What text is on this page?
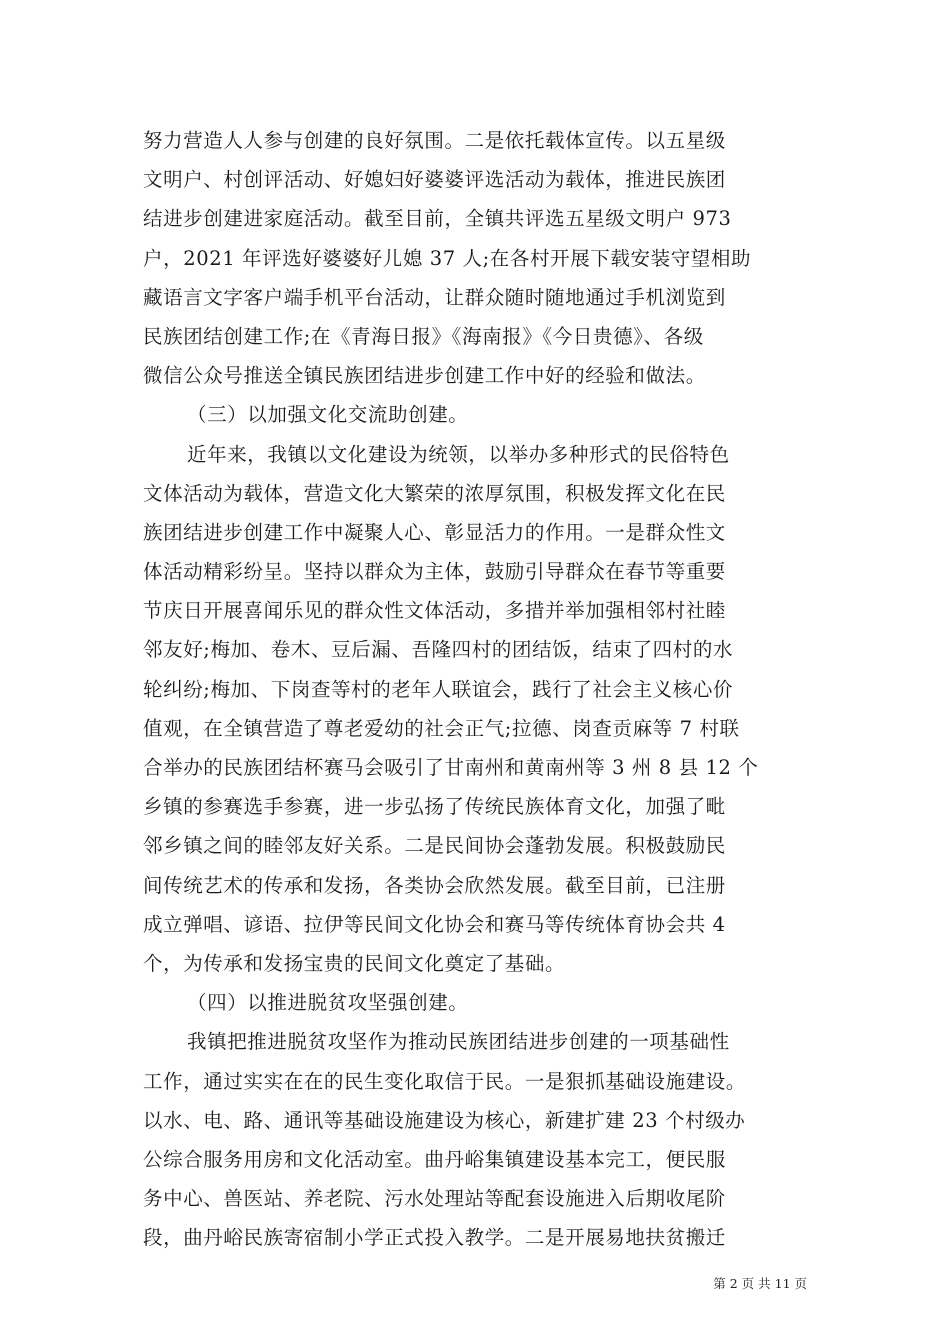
努力营造人人参与创建的良好氛围。二是依托载体宣传。以五星级
文明户、村创评活动、好媳妇好婆婆评选活动为载体，推进民族团
结进步创建进家庭活动。截至目前，全镇共评选五星级文明户 973
户，2021 年评选好婆婆好儿媳 37 人;在各村开展下载安装守望相助
藏语言文字客户端手机平台活动，让群众随时随地通过手机浏览到
民族团结创建工作;在《青海日报》《海南报》《今日贵德》、各级
微信公众号推送全镇民族团结进步创建工作中好的经验和做法。
（三）以加强文化交流助创建。
近年来，我镇以文化建设为统领，以举办多种形式的民俗特色
文体活动为载体，营造文化大繁荣的浓厚氛围，积极发挥文化在民
族团结进步创建工作中凝聚人心、彰显活力的作用。一是群众性文
体活动精彩纷呈。坚持以群众为主体，鼓励引导群众在春节等重要
节庆日开展喜闻乐见的群众性文体活动，多措并举加强相邻村社睦
邻友好;梅加、卷木、豆后漏、吾隆四村的团结饭，结束了四村的水
轮纠纷;梅加、下岗查等村的老年人联谊会，践行了社会主义核心价
值观，在全镇营造了尊老爱幼的社会正气;拉德、岗查贡麻等 7 村联
合举办的民族团结杯赛马会吸引了甘南州和黄南州等 3 州 8 县 12 个
乡镇的参赛选手参赛，进一步弘扬了传统民族体育文化，加强了毗
邻乡镇之间的睦邻友好关系。二是民间协会蓬勃发展。积极鼓励民
间传统艺术的传承和发扬，各类协会欣然发展。截至目前，已注册
成立弹唱、谚语、拉伊等民间文化协会和赛马等传统体育协会共 4
个，为传承和发扬宝贵的民间文化奠定了基础。
（四）以推进脱贫攻坚强创建。
我镇把推进脱贫攻坚作为推动民族团结进步创建的一项基础性
工作，通过实实在在的民生变化取信于民。一是狠抓基础设施建设。
以水、电、路、通讯等基础设施建设为核心，新建扩建 23 个村级办
公综合服务用房和文化活动室。曲丹峪集镇建设基本完工，便民服
务中心、兽医站、养老院、污水处理站等配套设施进入后期收尾阶
段，曲丹峪民族寄宿制小学正式投入教学。二是开展易地扶贫搬迁
第 2 页 共 11 页
